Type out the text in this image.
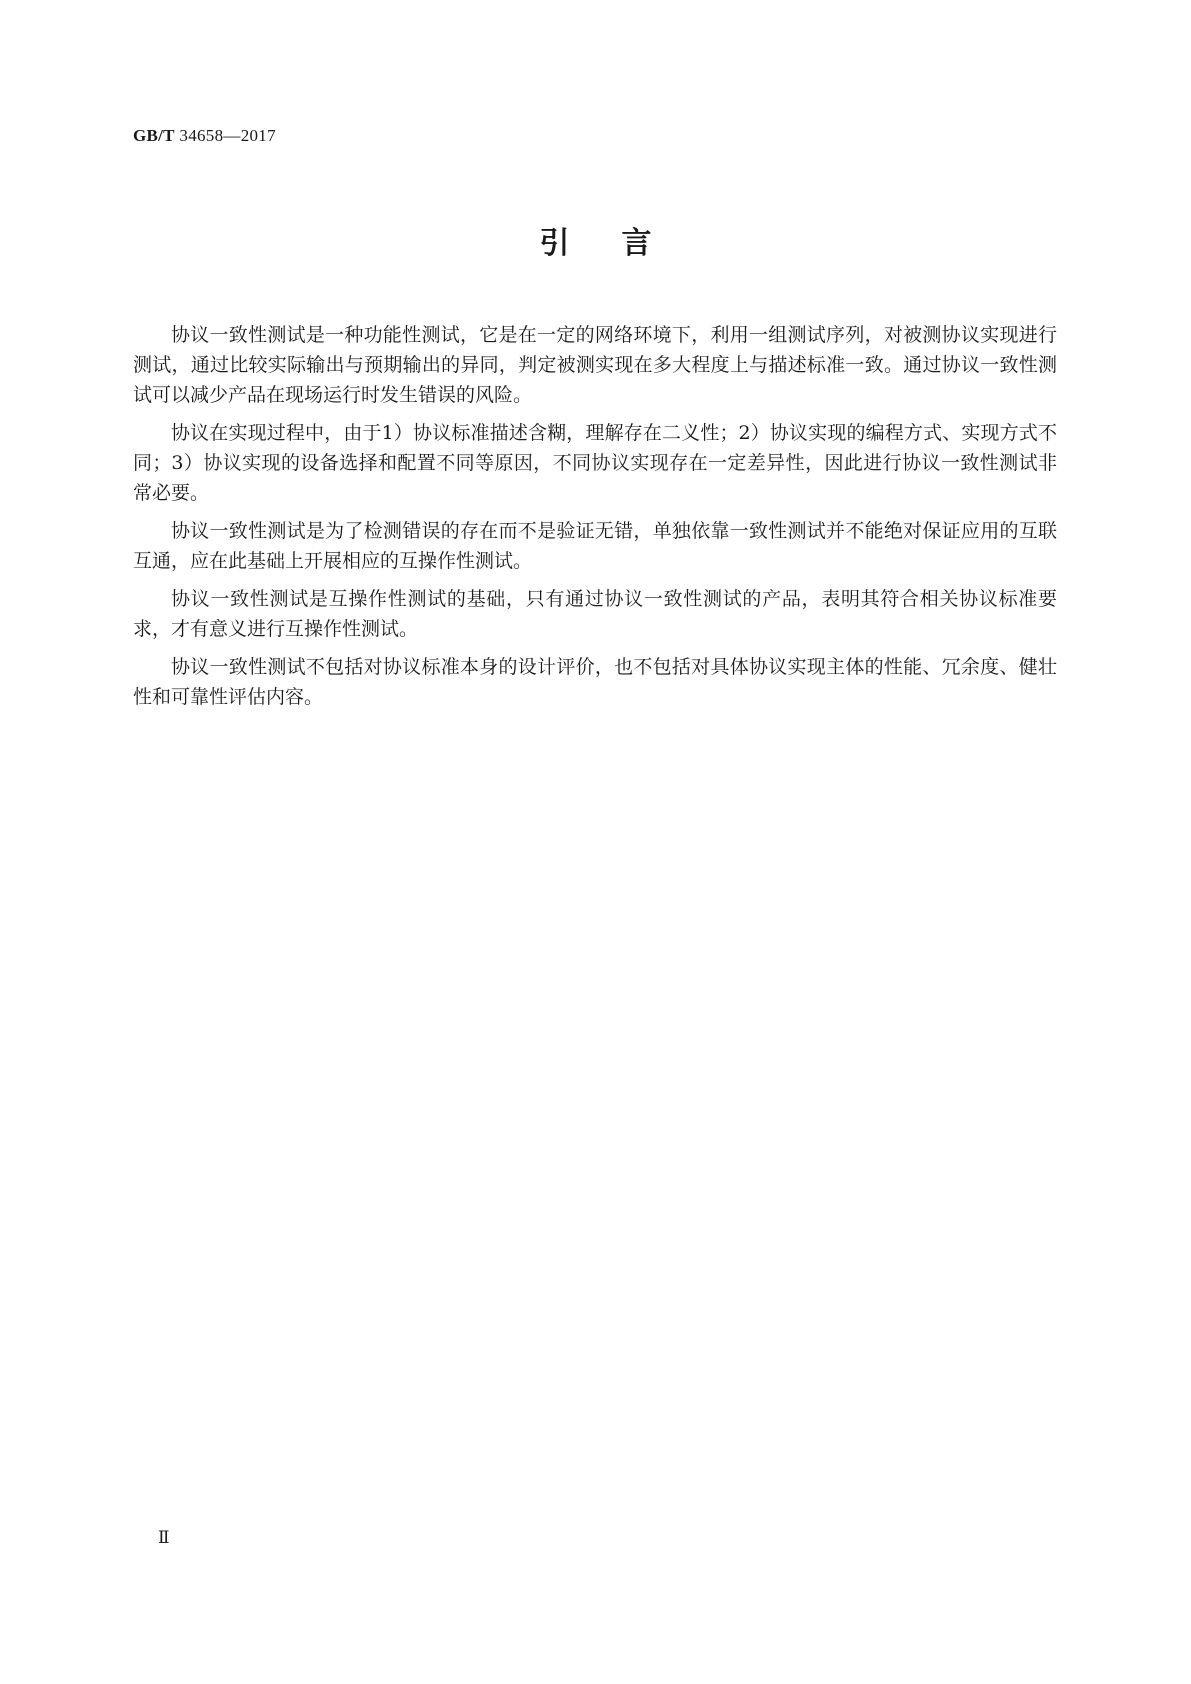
GB/T 34658—2017
引言

协议一致性测试是一种功能性测试，它是在一定的网络环境下，利用一组测试序列，对被测协议实现进行测试，通过比较实际输出与预期输出的异同，判定被测实现在多大程度上与描述标准一致。通过协议一致性测试可以减少产品在现场运行时发生错误的风险。

协议在实现过程中，由于1）协议标准描述含糊，理解存在二义性；2）协议实现的编程方式、实现方式不同；3）协议实现的设备选择和配置不同等原因，不同协议实现存在一定差异性，因此进行协议一致性测试非常必要。

协议一致性测试是为了检测错误的存在而不是验证无错，单独依靠一致性测试并不能绝对保证应用的互联互通，应在此基础上开展相应的互操作性测试。

协议一致性测试是互操作性测试的基础，只有通过协议一致性测试的产品，表明其符合相关协议标准要求，才有意义进行互操作性测试。

协议一致性测试不包括对协议标准本身的设计评价，也不包括对具体协议实现主体的性能、冗余度、健壮性和可靠性评估内容。

Ⅱ
